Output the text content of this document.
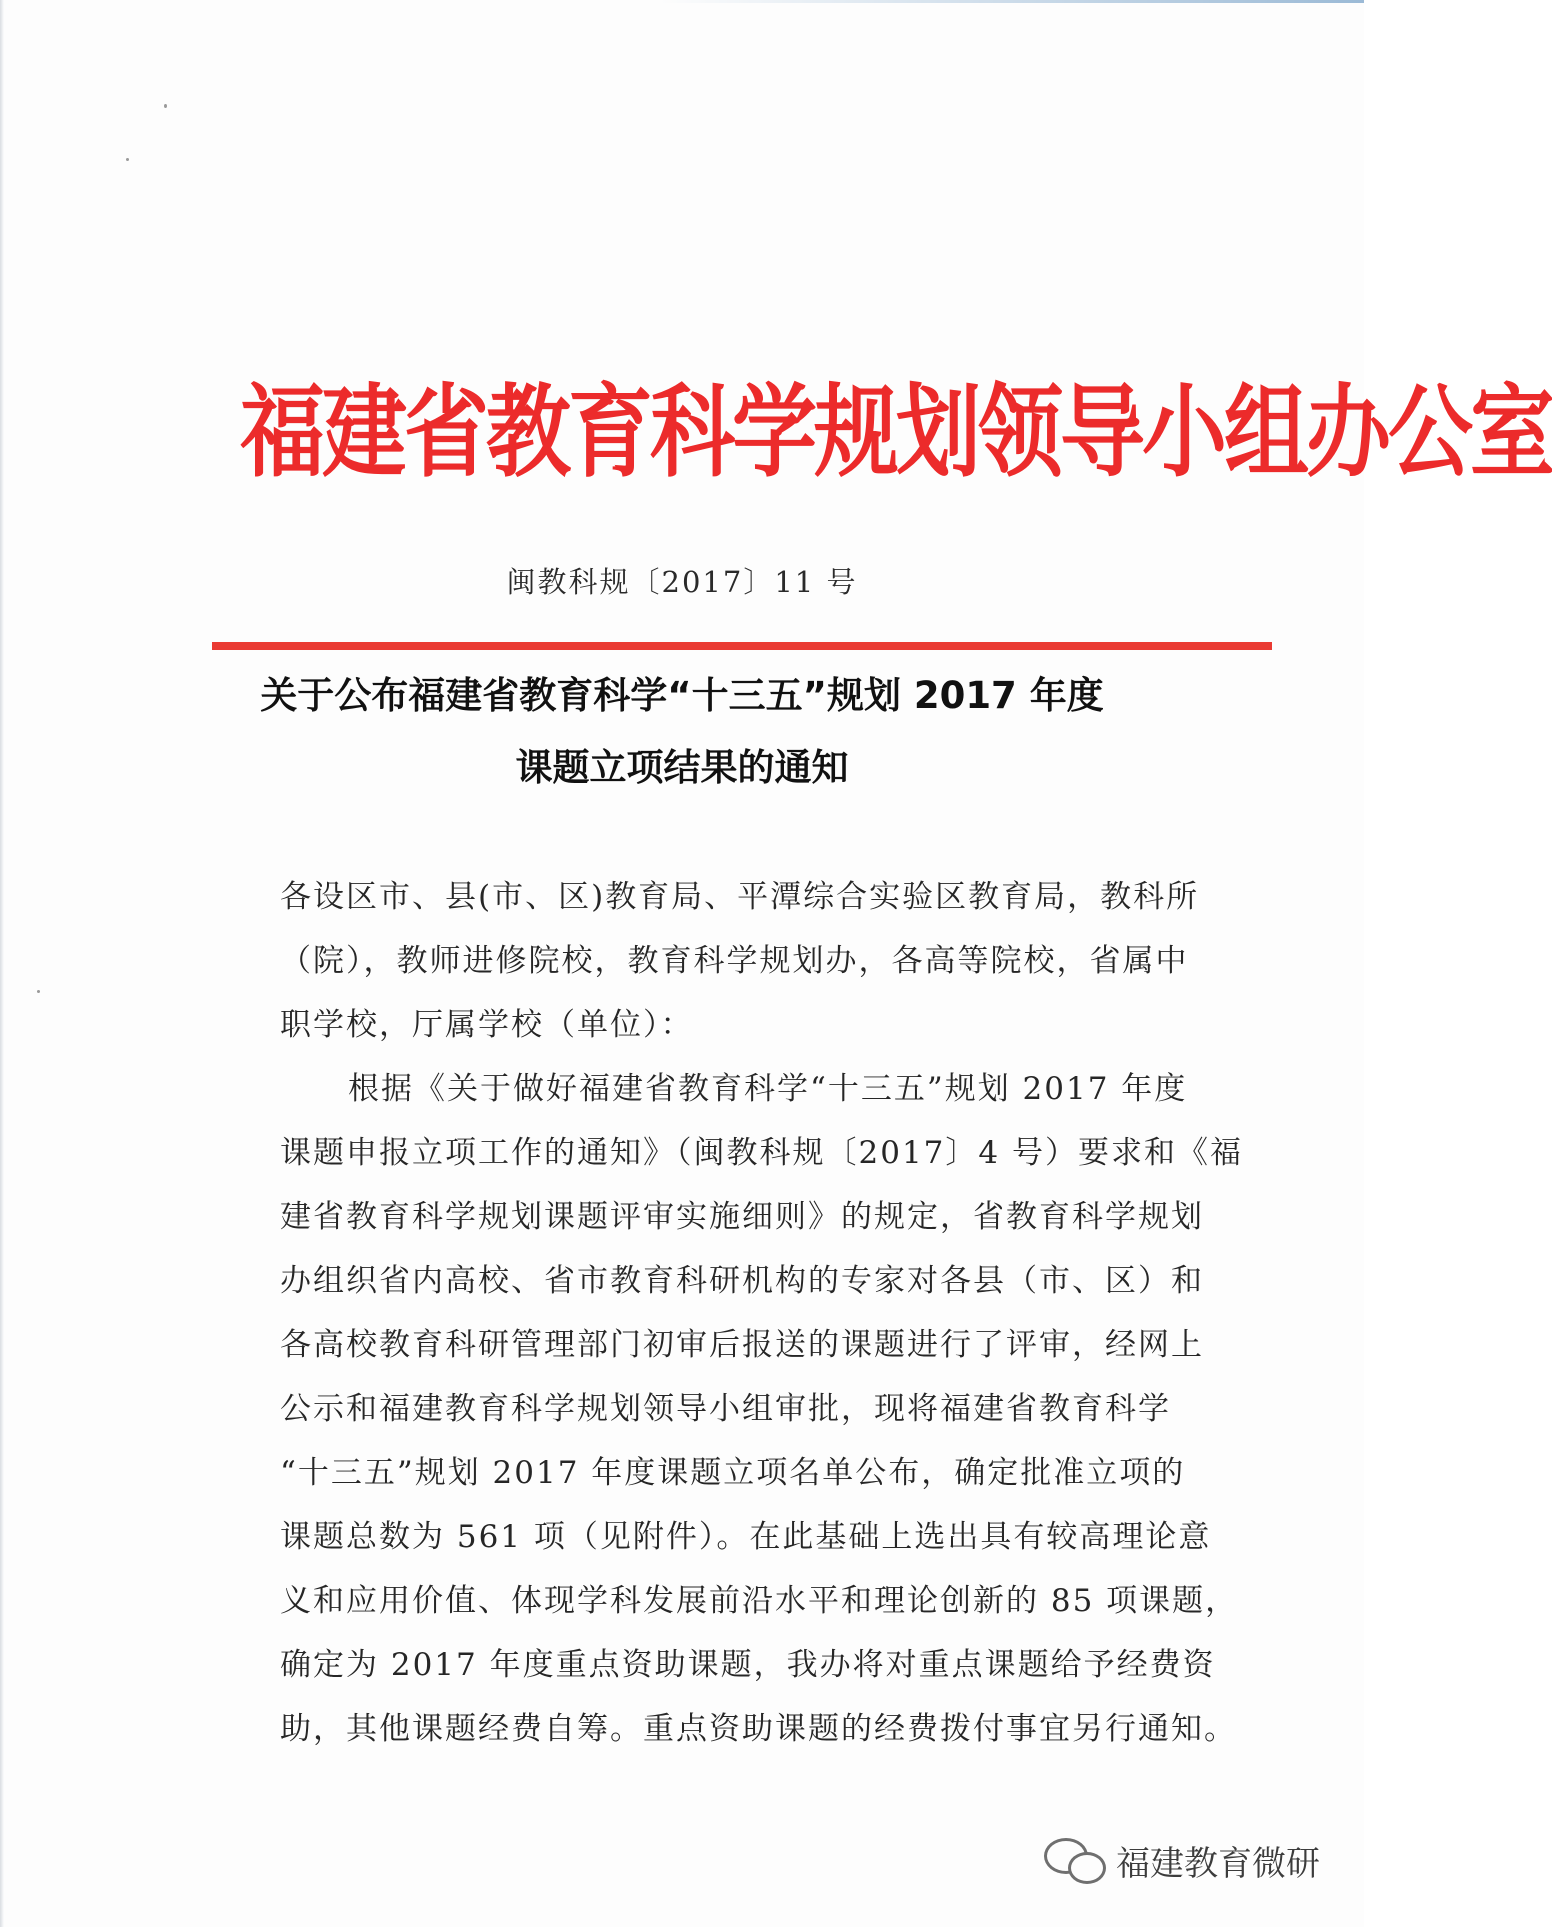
福建省教育科学规划领导小组办公室
闽教科规〔2017〕11 号
关于公布福建省教育科学“十三五”规划 2017 年度
课题立项结果的通知
各设区市、县(市、区)教育局、平潭综合实验区教育局，教科所
（院），教师进修院校，教育科学规划办，各高等院校，省属中
职学校，厅属学校（单位）：
根据《关于做好福建省教育科学“十三五”规划 2017 年度
课题申报立项工作的通知》（闽教科规〔2017〕4 号）要求和《福
建省教育科学规划课题评审实施细则》的规定，省教育科学规划
办组织省内高校、省市教育科研机构的专家对各县（市、区）和
各高校教育科研管理部门初审后报送的课题进行了评审，经网上
公示和福建教育科学规划领导小组审批，现将福建省教育科学
“十三五”规划 2017 年度课题立项名单公布，确定批准立项的
课题总数为 561 项（见附件）。在此基础上选出具有较高理论意
义和应用价值、体现学科发展前沿水平和理论创新的 85 项课题，
确定为 2017 年度重点资助课题，我办将对重点课题给予经费资
助，其他课题经费自筹。重点资助课题的经费拨付事宜另行通知。
福建教育微研
